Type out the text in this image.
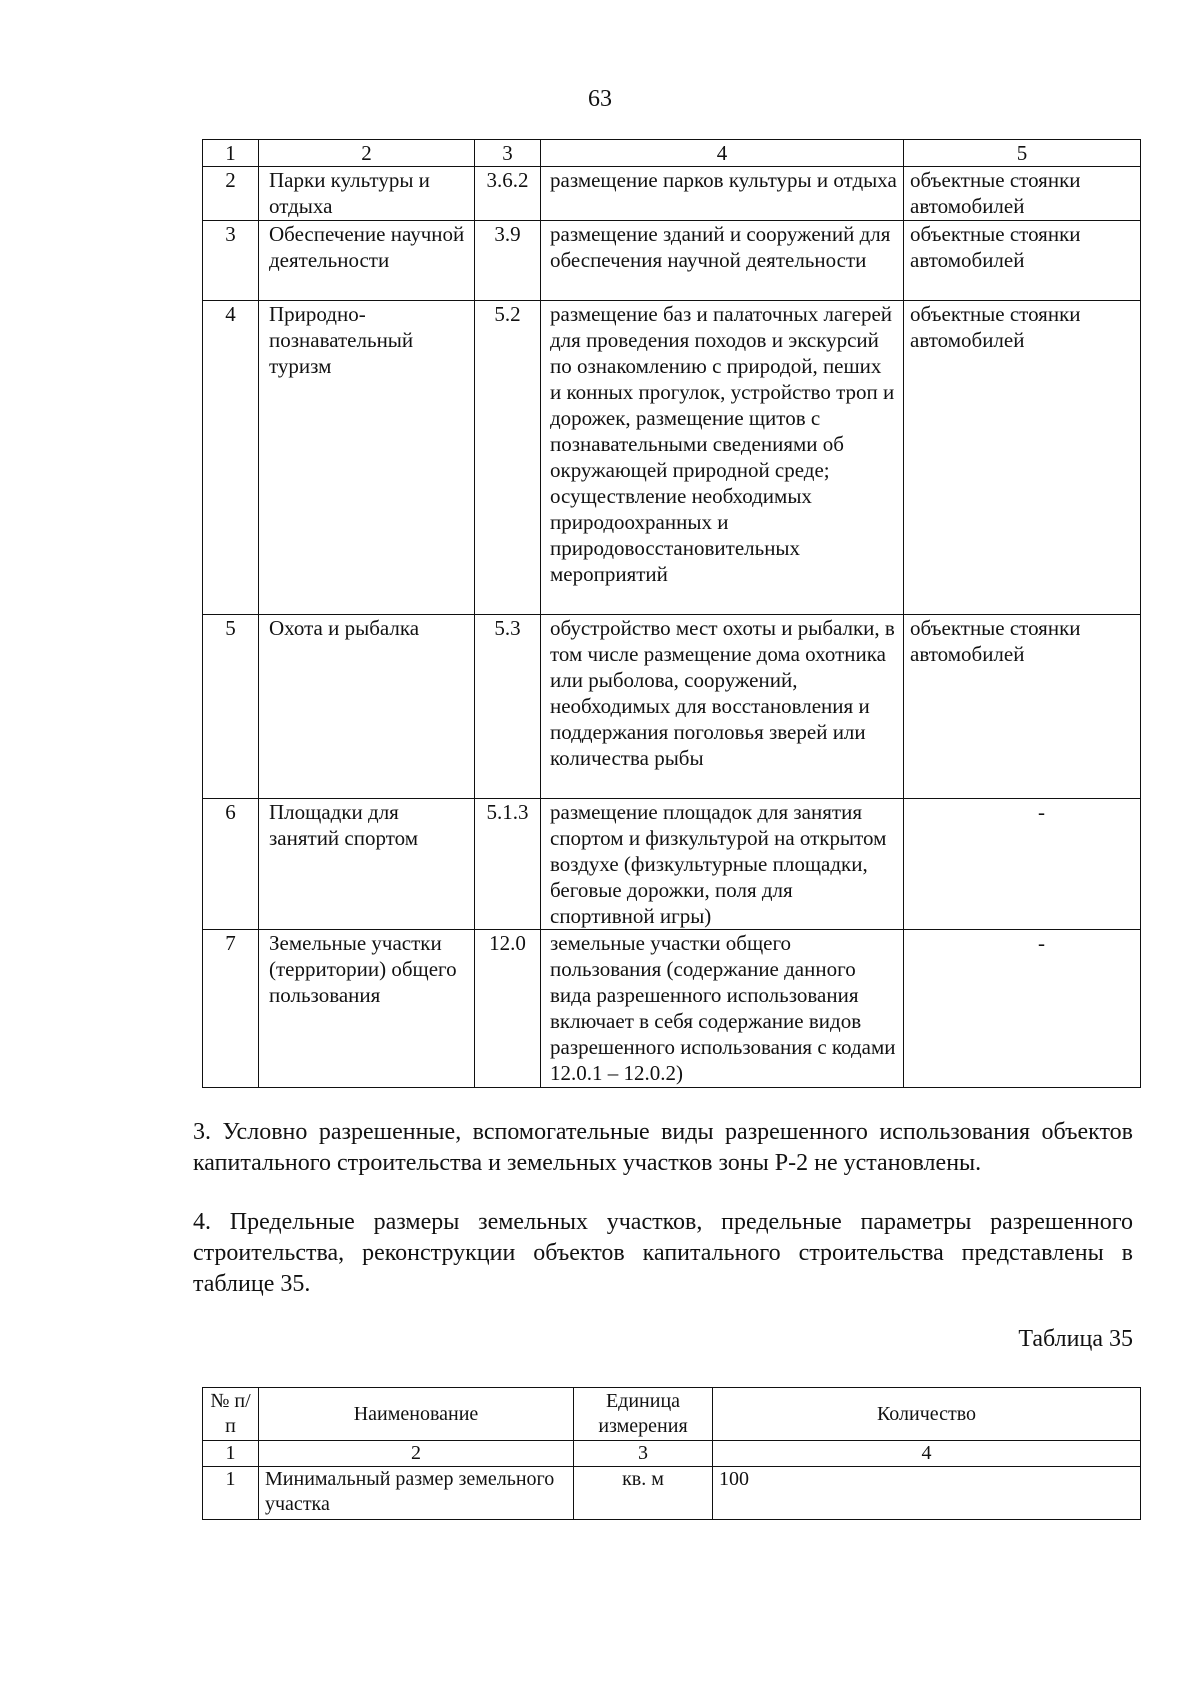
63
1	2	3	4	5
2	Парки культуры и отдыха	3.6.2	размещение парков культуры и отдыха	объектные стоянки автомобилей
3	Обеспечение научной деятельности	3.9	размещение зданий и сооружений для обеспечения научной деятельности	объектные стоянки автомобилей
4	Природно-познавательный туризм	5.2	размещение баз и палаточных лагерей для проведения походов и экскурсий по ознакомлению с природой, пеших и конных прогулок, устройство троп и дорожек, размещение щитов с познавательными сведениями об окружающей природной среде; осуществление необходимых природоохранных и природовосстановительных мероприятий	объектные стоянки автомобилей
5	Охота и рыбалка	5.3	обустройство мест охоты и рыбалки, в том числе размещение дома охотника или рыболова, сооружений, необходимых для восстановления и поддержания поголовья зверей или количества рыбы	объектные стоянки автомобилей
6	Площадки для занятий спортом	5.1.3	размещение площадок для занятия спортом и физкультурой на открытом воздухе (физкультурные площадки, беговые дорожки, поля для спортивной игры)	-
7	Земельные участки (территории) общего пользования	12.0	земельные участки общего пользования (содержание данного вида разрешенного использования включает в себя содержание видов разрешенного использования с кодами 12.0.1 – 12.0.2)	-
3. Условно разрешенные, вспомогательные виды разрешенного использования объектов капитального строительства и земельных участков зоны Р-2 не установлены.
4. Предельные размеры земельных участков, предельные параметры разрешенного строительства, реконструкции объектов капитального строительства представлены в таблице 35.
Таблица 35
№ п/п	Наименование	Единица измерения	Количество
1	2	3	4
1	Минимальный размер земельного участка	кв. м	100
